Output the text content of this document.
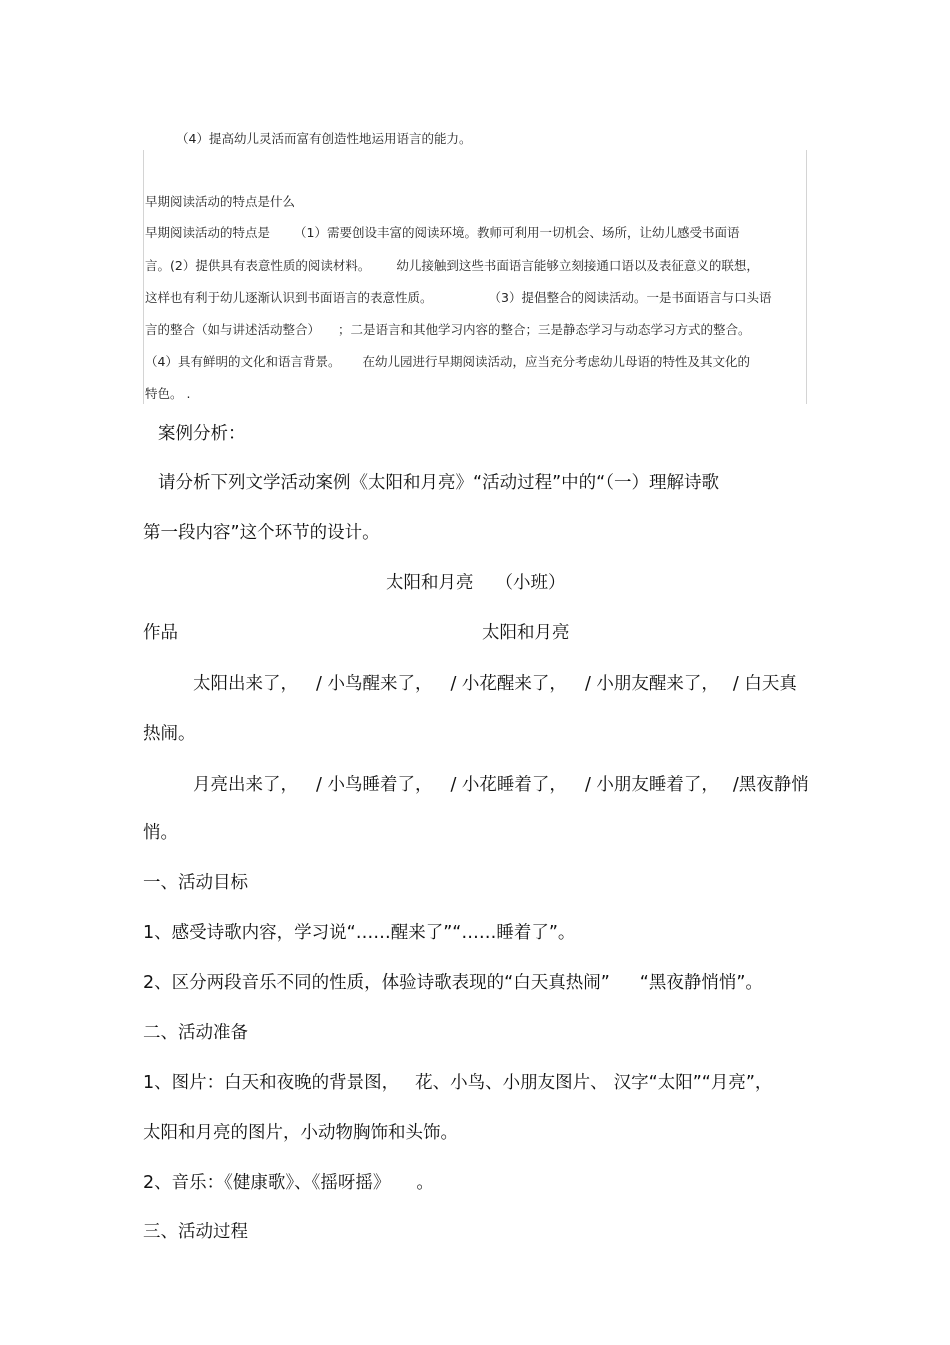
（4）提高幼儿灵活而富有创造性地运用语言的能力。
早期阅读活动的特点是什么
早期阅读活动的特点是 （1）需要创设丰富的阅读环境。教师可利用一切机会、场所，让幼儿感受书面语
言。(2）提供具有表意性质的阅读材料。 幼儿接触到这些书面语言能够立刻接通口语以及表征意义的联想，
这样也有利于幼儿逐渐认识到书面语言的表意性质。	（3）提倡整合的阅读活动。一是书面语言与口头语
言的整合（如与讲述活动整合） ；二是语言和其他学习内容的整合；三是静态学习与动态学习方式的整合。
（4）具有鲜明的文化和语言背景。 在幼儿园进行早期阅读活动，应当充分考虑幼儿母语的特性及其文化的
特色。 .
案例分析：
请分析下列文学活动案例《太阳和月亮》“活动过程”中的“（一）理解诗歌
第一段内容”这个环节的设计。
太阳和月亮 （小班）
作品	太阳和月亮
太阳出来了， / 小鸟醒来了， / 小花醒来了， / 小朋友醒来了， / 白天真
热闹。
月亮出来了， / 小鸟睡着了， / 小花睡着了， / 小朋友睡着了， /黑夜静悄
悄。
一、活动目标
1、感受诗歌内容，学习说“……醒来了”“……睡着了”。
2、区分两段音乐不同的性质，体验诗歌表现的“白天真热闹” “黑夜静悄悄”。
二、活动准备
1、图片：白天和夜晚的背景图， 花、小鸟、小朋友图片、 汉字“太阳”“月亮”，
太阳和月亮的图片，小动物胸饰和头饰。
2、音乐：《健康歌》、《摇呀摇》 。
三、活动过程
